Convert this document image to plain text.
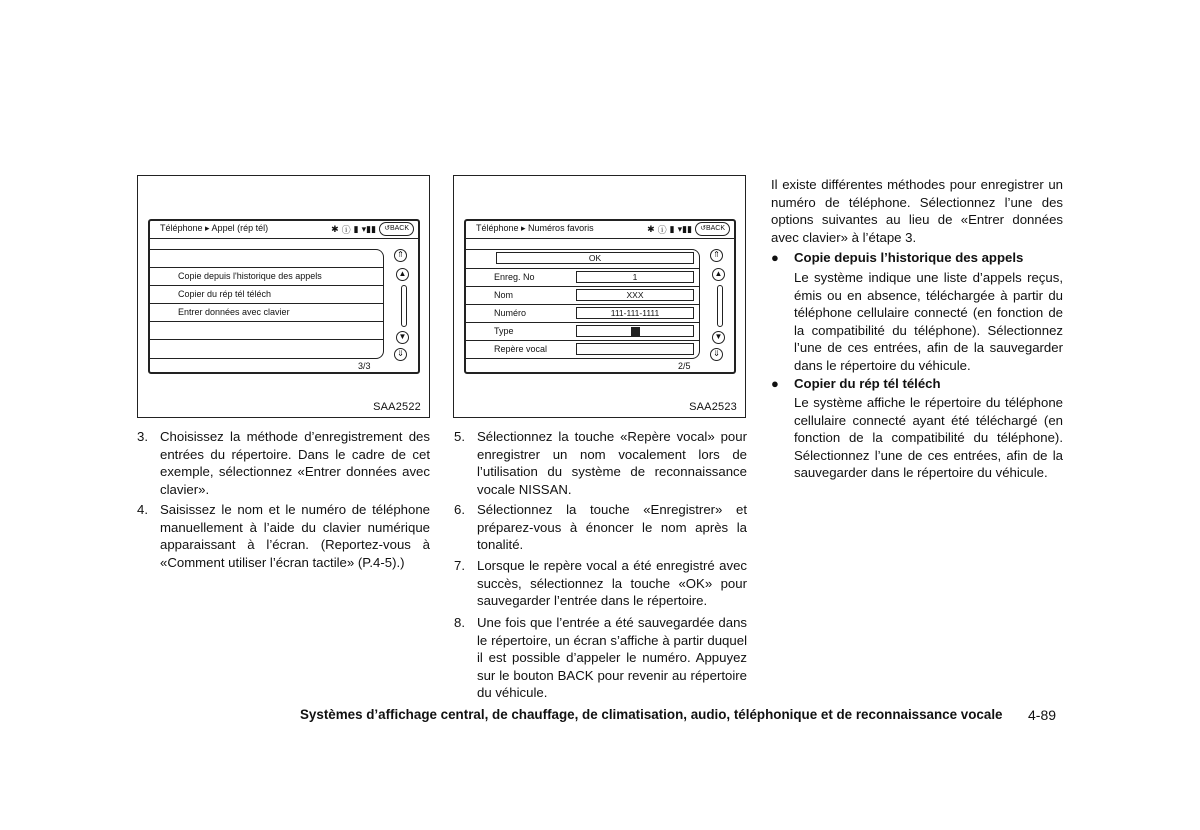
Téléphone ▸ Appel (rép tél)	✱ ⓘ ▮ ▾▮▮	↺BACK
Copie depuis l'historique des appels
Copier du rép tél téléch
Entrer données avec clavier
⇑
▲
▼
⇓
3/3
SAA2522
Téléphone ▸ Numéros favoris	✱ ⓘ ▮ ▾▮▮	↺BACK
OK
Enreg. No	1
Nom	XXX
Numéro	111-111-1111
Type
Repère vocal
⇑
▲
▼
⇓
2/5
SAA2523
3. Choisissez la méthode d’enregistrement des entrées du répertoire. Dans le cadre de cet exemple, sélectionnez «Entrer données avec clavier».
4. Saisissez le nom et le numéro de téléphone manuellement à l’aide du clavier numérique apparaissant à l’écran. (Reportez-vous à «Comment utiliser l’écran tactile» (P.4-5).)
5. Sélectionnez la touche «Repère vocal» pour enregistrer un nom vocalement lors de l’utilisation du système de reconnaissance vocale NISSAN.
6. Sélectionnez la touche «Enregistrer» et préparez-vous à énoncer le nom après la tonalité.
7. Lorsque le repère vocal a été enregistré avec succès, sélectionnez la touche «OK» pour sauvegarder l’entrée dans le répertoire.
8. Une fois que l’entrée a été sauvegardée dans le répertoire, un écran s’affiche à partir duquel il est possible d’appeler le numéro. Appuyez sur le bouton BACK pour revenir au répertoire du véhicule.
Il existe différentes méthodes pour enregistrer un numéro de téléphone. Sélectionnez l’une des options suivantes au lieu de «Entrer données avec clavier» à l’étape 3.
● Copie depuis l’historique des appels
Le système indique une liste d’appels reçus, émis ou en absence, téléchargée à partir du téléphone cellulaire connecté (en fonction de la compatibilité du téléphone). Sélectionnez l’une de ces entrées, afin de la sauvegarder dans le répertoire du véhicule.
● Copier du rép tél téléch
Le système affiche le répertoire du téléphone cellulaire connecté ayant été téléchargé (en fonction de la compatibilité du téléphone). Sélectionnez l’une de ces entrées, afin de la sauvegarder dans le répertoire du véhicule.
Systèmes d’affichage central, de chauffage, de climatisation, audio, téléphonique et de reconnaissance vocale 4-89
